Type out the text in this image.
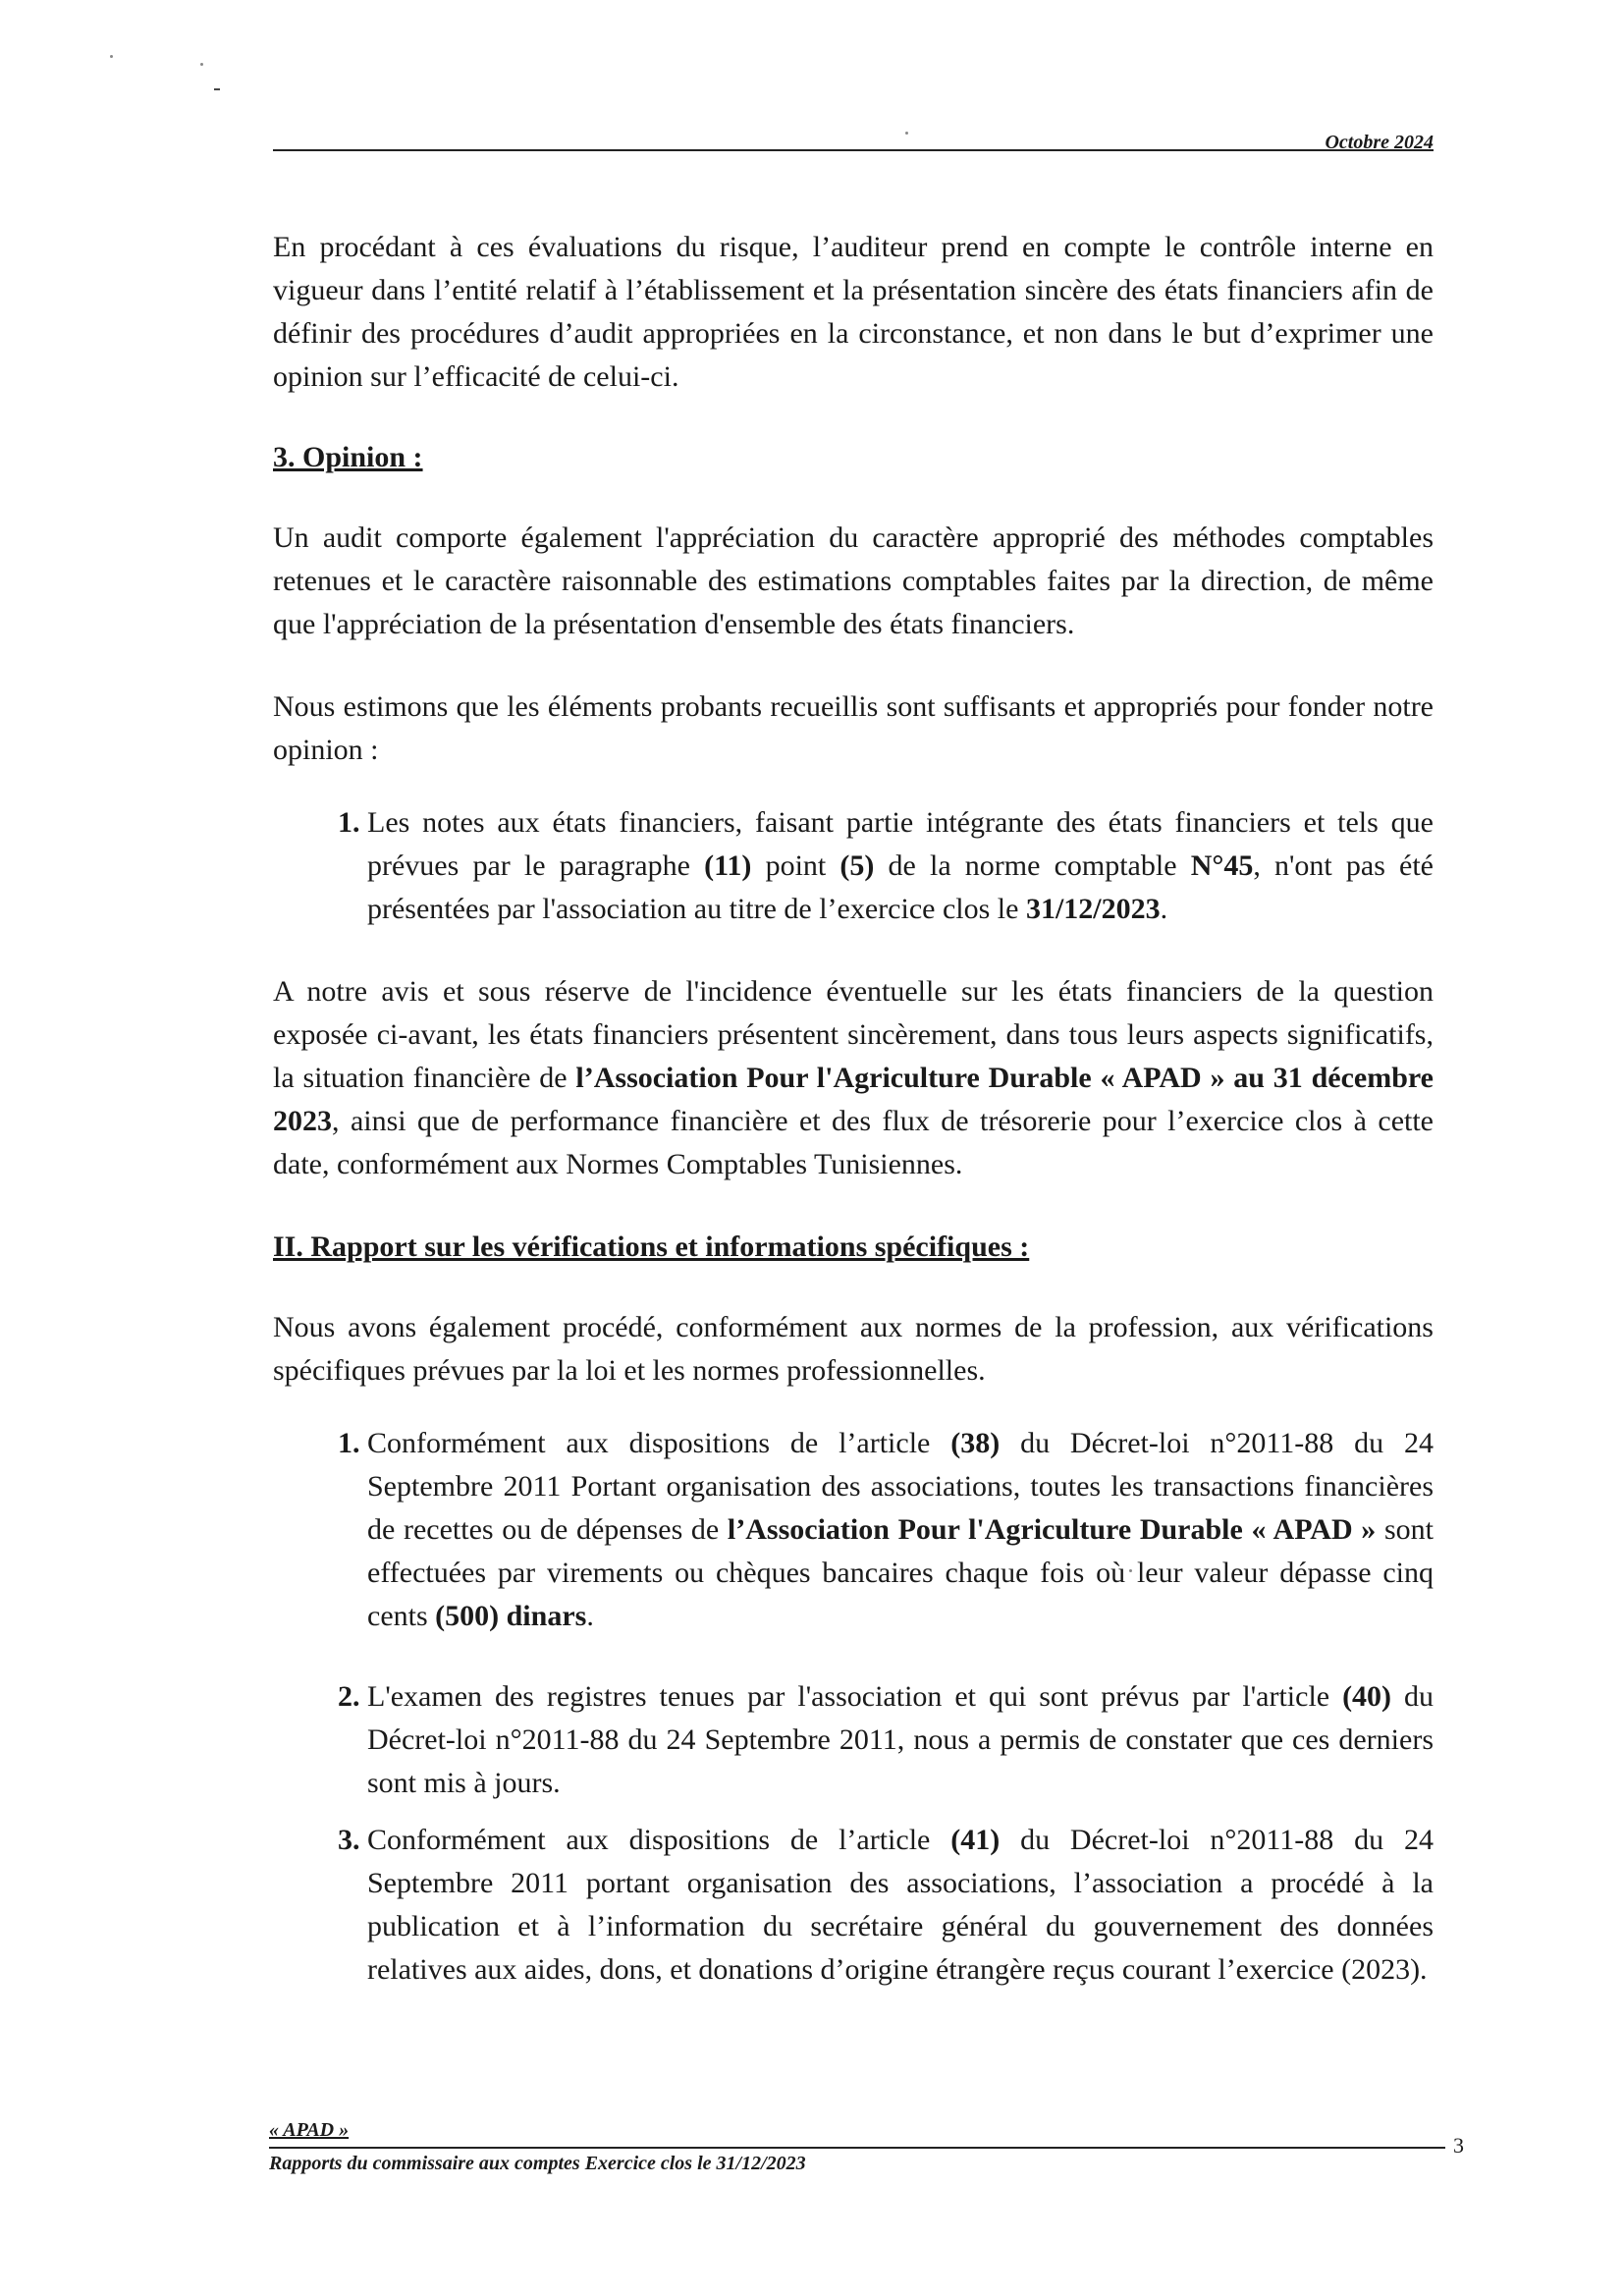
Octobre 2024

En procédant à ces évaluations du risque, l’auditeur prend en compte le contrôle interne en vigueur dans l’entité relatif à l’établissement et la présentation sincère des états financiers afin de définir des procédures d’audit appropriées en la circonstance, et non dans le but d’exprimer une opinion sur l’efficacité de celui-ci.

3. Opinion :

Un audit comporte également l'appréciation du caractère approprié des méthodes comptables retenues et le caractère raisonnable des estimations comptables faites par la direction, de même que l'appréciation de la présentation d'ensemble des états financiers.

Nous estimons que les éléments probants recueillis sont suffisants et appropriés pour fonder notre opinion :

1. Les notes aux états financiers, faisant partie intégrante des états financiers et tels que prévues par le paragraphe (11) point (5) de la norme comptable N°45, n'ont pas été présentées par l'association au titre de l’exercice clos le 31/12/2023.

A notre avis et sous réserve de l'incidence éventuelle sur les états financiers de la question exposée ci-avant, les états financiers présentent sincèrement, dans tous leurs aspects significatifs, la situation financière de l’Association Pour l'Agriculture Durable « APAD » au 31 décembre 2023, ainsi que de performance financière et des flux de trésorerie pour l’exercice clos à cette date, conformément aux Normes Comptables Tunisiennes.

II. Rapport sur les vérifications et informations spécifiques :

Nous avons également procédé, conformément aux normes de la profession, aux vérifications spécifiques prévues par la loi et les normes professionnelles.

1. Conformément aux dispositions de l’article (38) du Décret-loi n°2011-88 du 24 Septembre 2011 Portant organisation des associations, toutes les transactions financières de recettes ou de dépenses de l’Association Pour l'Agriculture Durable « APAD » sont effectuées par virements ou chèques bancaires chaque fois où leur valeur dépasse cinq cents (500) dinars.
2. L'examen des registres tenues par l'association et qui sont prévus par l'article (40) du Décret-loi n°2011-88 du 24 Septembre 2011, nous a permis de constater que ces derniers sont mis à jours.
3. Conformément aux dispositions de l’article (41) du Décret-loi n°2011-88 du 24 Septembre 2011 portant organisation des associations, l’association a procédé à la publication et à l’information du secrétaire général du gouvernement des données relatives aux aides, dons, et donations d’origine étrangère reçus courant l’exercice (2023).
« APAD »
3
Rapports du commissaire aux comptes Exercice clos le 31/12/2023
